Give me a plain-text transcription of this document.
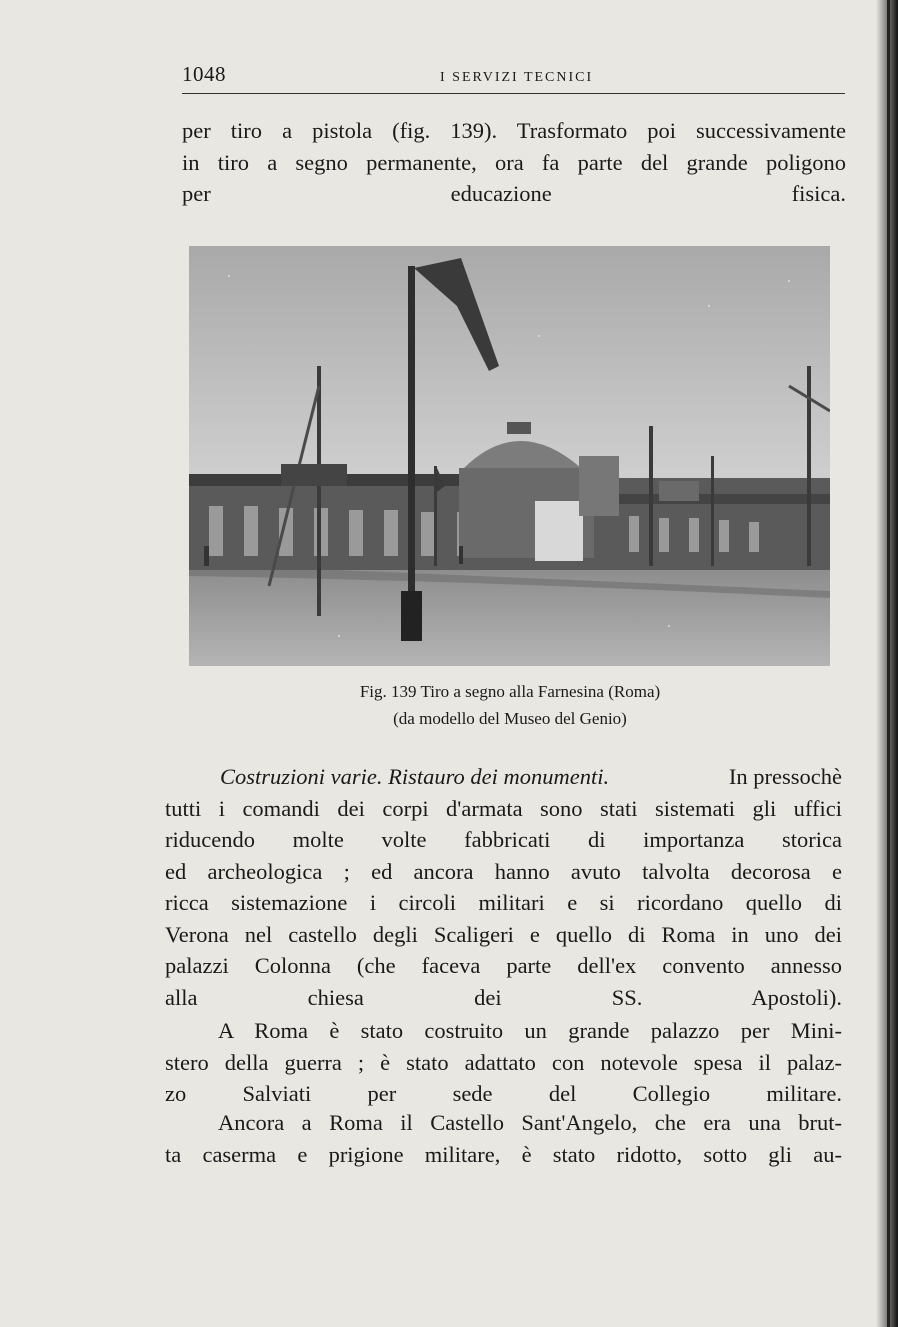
1048	I SERVIZI TECNICI
per tiro a pistola (fig. 139). Trasformato poi successivamente
in tiro a segno permanente, ora fa parte del grande poligono
per educazione fisica.
Fig. 139 Tiro a segno alla Farnesina (Roma)
(da modello del Museo del Genio)
Costruzioni varie. Ristauro dei monumenti.	In pressochè
tutti i comandi dei corpi d'armata sono stati sistemati gli uffici
riducendo molte volte fabbricati di importanza storica
ed archeologica ; ed ancora hanno avuto talvolta decorosa e
ricca sistemazione i circoli militari e si ricordano quello di
Verona nel castello degli Scaligeri e quello di Roma in uno dei
palazzi Colonna (che faceva parte dell'ex convento annesso
alla chiesa dei SS. Apostoli).
A Roma è stato costruito un grande palazzo per Mini-
stero della guerra ; è stato adattato con notevole spesa il palaz-
zo Salviati per sede del Collegio militare.
Ancora a Roma il Castello Sant'Angelo, che era una brut-
ta caserma e prigione militare, è stato ridotto, sotto gli au-
